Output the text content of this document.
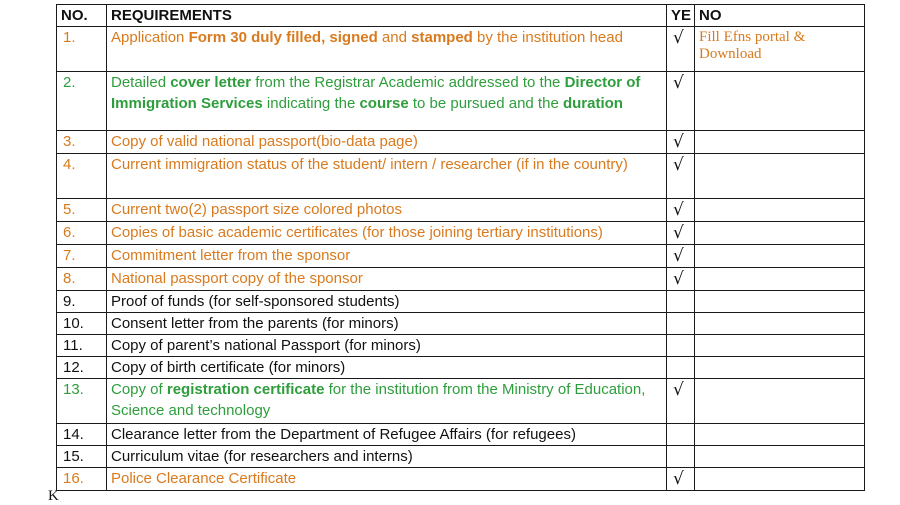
NO.	REQUIREMENTS	YE	NO
1.	Application Form 30 duly filled, signed and stamped by the institution head	√	Fill Efns portal & Download
2.	Detailed cover letter from the Registrar Academic addressed to the Director of Immigration Services indicating the course to be pursued and the duration	√	
3.	Copy of valid national passport(bio-data page)	√	
4.	Current immigration status of the student/ intern / researcher (if in the country)	√	
5.	Current two(2) passport size colored photos	√	
6.	Copies of basic academic certificates (for those joining tertiary institutions)	√	
7.	Commitment letter from the sponsor	√	
8.	National passport copy of the sponsor	√	
9.	Proof of funds (for self-sponsored students)		
10.	Consent letter from the parents (for minors)		
11.	Copy of parent’s national Passport (for minors)		
12.	Copy of birth certificate (for minors)		
13.	Copy of registration certificate for the institution from the Ministry of Education, Science and technology	√	
14.	Clearance letter from the Department of Refugee Affairs (for refugees)		
15.	Curriculum vitae (for researchers and interns)		
16.	Police Clearance Certificate	√	
K
